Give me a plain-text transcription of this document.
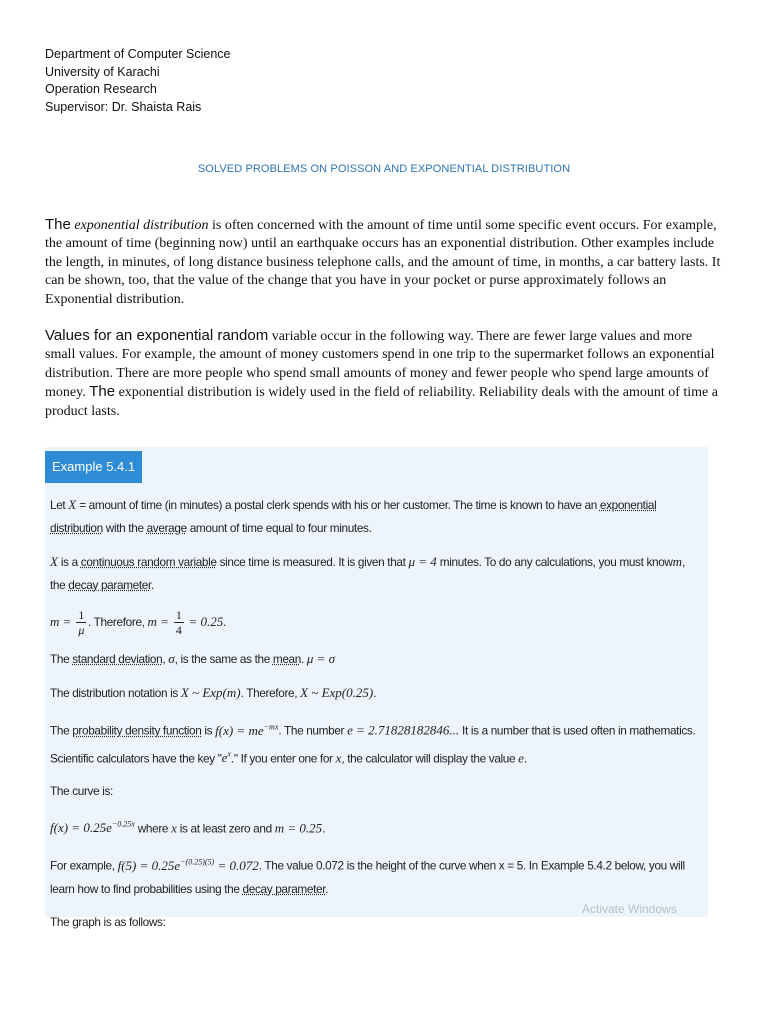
Department of Computer Science
University of Karachi
Operation Research
Supervisor: Dr. Shaista Rais
SOLVED PROBLEMS ON POISSON AND EXPONENTIAL DISTRIBUTION
The exponential distribution is often concerned with the amount of time until some specific event occurs. For example, the amount of time (beginning now) until an earthquake occurs has an exponential distribution. Other examples include the length, in minutes, of long distance business telephone calls, and the amount of time, in months, a car battery lasts. It can be shown, too, that the value of the change that you have in your pocket or purse approximately follows an Exponential distribution.
Values for an exponential random variable occur in the following way. There are fewer large values and more small values. For example, the amount of money customers spend in one trip to the supermarket follows an exponential distribution. There are more people who spend small amounts of money and fewer people who spend large amounts of money. The exponential distribution is widely used in the field of reliability. Reliability deals with the amount of time a product lasts.
Example 5.4.1

Let X = amount of time (in minutes) a postal clerk spends with his or her customer. The time is known to have an exponential distribution with the average amount of time equal to four minutes.

X is a continuous random variable since time is measured. It is given that μ = 4 minutes. To do any calculations, you must knowm, the decay parameter.

$m = \frac{1}{\mu}$ . Therefore, $m = \frac{1}{4} = 0.25$.

The standard deviation, σ, is the same as the mean. μ = σ

The distribution notation is X ~ Exp(m). Therefore, X ~ Exp(0.25).

The probability density function is $f(x) = me^{-mx}$. The number e = 2.71828182846... It is a number that is used often in mathematics. Scientific calculators have the key "$e^x$." If you enter one for x, the calculator will display the value e.

The curve is:

$f(x) = 0.25e^{-0.25x}$ where x is at least zero and m = 0.25.

For example, $f(5) = 0.25e^{-(0.25)(5)} = 0.072$. The value 0.072 is the height of the curve when x = 5. In Example 5.4.2 below, you will learn how to find probabilities using the decay parameter.

The graph is as follows:

Activate Windows
